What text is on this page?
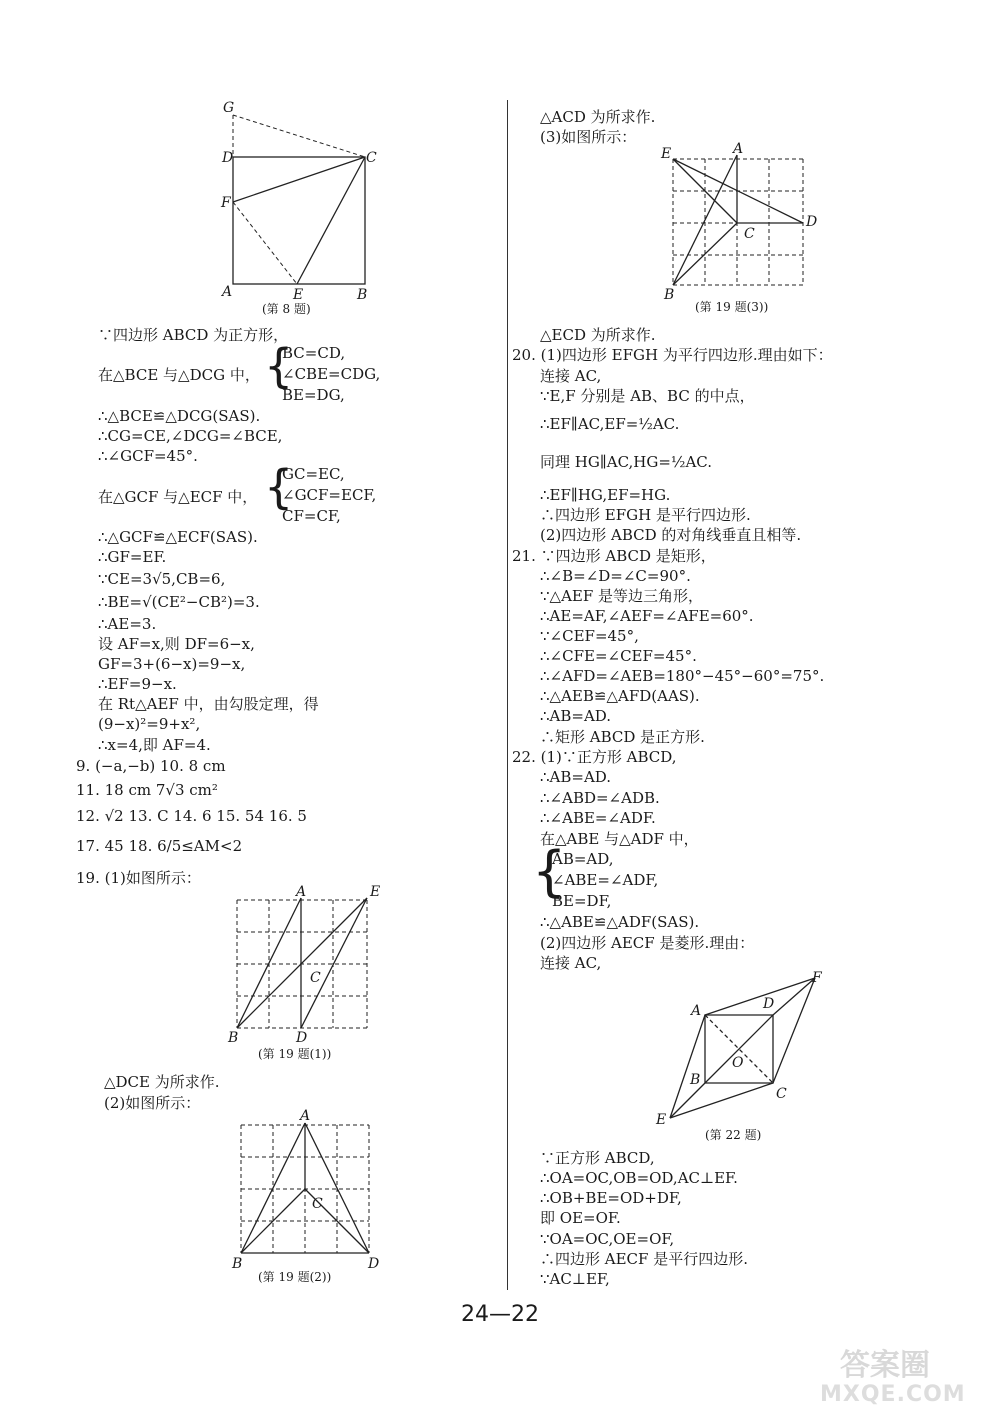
G
D	C
F
A	E	B
(第 8 题)
∵四边形 ABCD 为正方形，
在△BCE 与△DCG 中， {
BC=CD,
∠CBE=CDG,
BE=DG,
∴△BCE≌△DCG(SAS).
∴CG=CE,∠DCG=∠BCE,
∴∠GCF=45°.
在△GCF 与△ECF 中， {
GC=EC,
∠GCF=ECF,
CF=CF,
∴△GCF≌△ECF(SAS).
∴GF=EF.
∵CE=3√5,CB=6,
∴BE=√(CE²−CB²)=3.
∴AE=3.
设 AF=x,则 DF=6−x,
GF=3+(6−x)=9−x,
∴EF=9−x.
在 Rt△AEF 中，由勾股定理，得
(9−x)²=9+x²,
∴x=4,即 AF=4.
9. (−a,−b) 10. 8 cm
11. 18 cm 7√3 cm²
12. √2 13. C 14. 6 15. 54 16. 5
17. 45 18. 6/5≤AM<2
19. (1)如图所示：
A	E
C
B	D
(第 19 题(1))
△DCE 为所求作.
(2)如图所示：
A
C
B	D
(第 19 题(2))
△ACD 为所求作.
(3)如图所示：
E	A
D
C
B
(第 19 题(3))
△ECD 为所求作.
20. (1)四边形 EFGH 为平行四边形.理由如下：
连接 AC,
∵E,F 分别是 AB、BC 的中点，
∴EF∥AC,EF=½AC.
同理 HG∥AC,HG=½AC.
∴EF∥HG,EF=HG.
∴四边形 EFGH 是平行四边形.
(2)四边形 ABCD 的对角线垂直且相等.
21. ∵四边形 ABCD 是矩形，
∴∠B=∠D=∠C=90°.
∵△AEF 是等边三角形，
∴AE=AF,∠AEF=∠AFE=60°.
∵∠CEF=45°,
∴∠CFE=∠CEF=45°.
∴∠AFD=∠AEB=180°−45°−60°=75°.
∴△AEB≌△AFD(AAS).
∴AB=AD.
∴矩形 ABCD 是正方形.
22. (1)∵正方形 ABCD,
∴AB=AD.
∴∠ABD=∠ADB.
∴∠ABE=∠ADF.
在△ABE 与△ADF 中，
{
AB=AD,
∠ABE=∠ADF,
BE=DF,
∴△ABE≌△ADF(SAS).
(2)四边形 AECF 是菱形.理由：
连接 AC,
F
D
A
O
B
C
E
(第 22 题)
∵正方形 ABCD,
∴OA=OC,OB=OD,AC⊥EF.
∴OB+BE=OD+DF,
即 OE=OF.
∵OA=OC,OE=OF,
∴四边形 AECF 是平行四边形.
∵AC⊥EF,
24—22
答案圈
MXQE.COM
